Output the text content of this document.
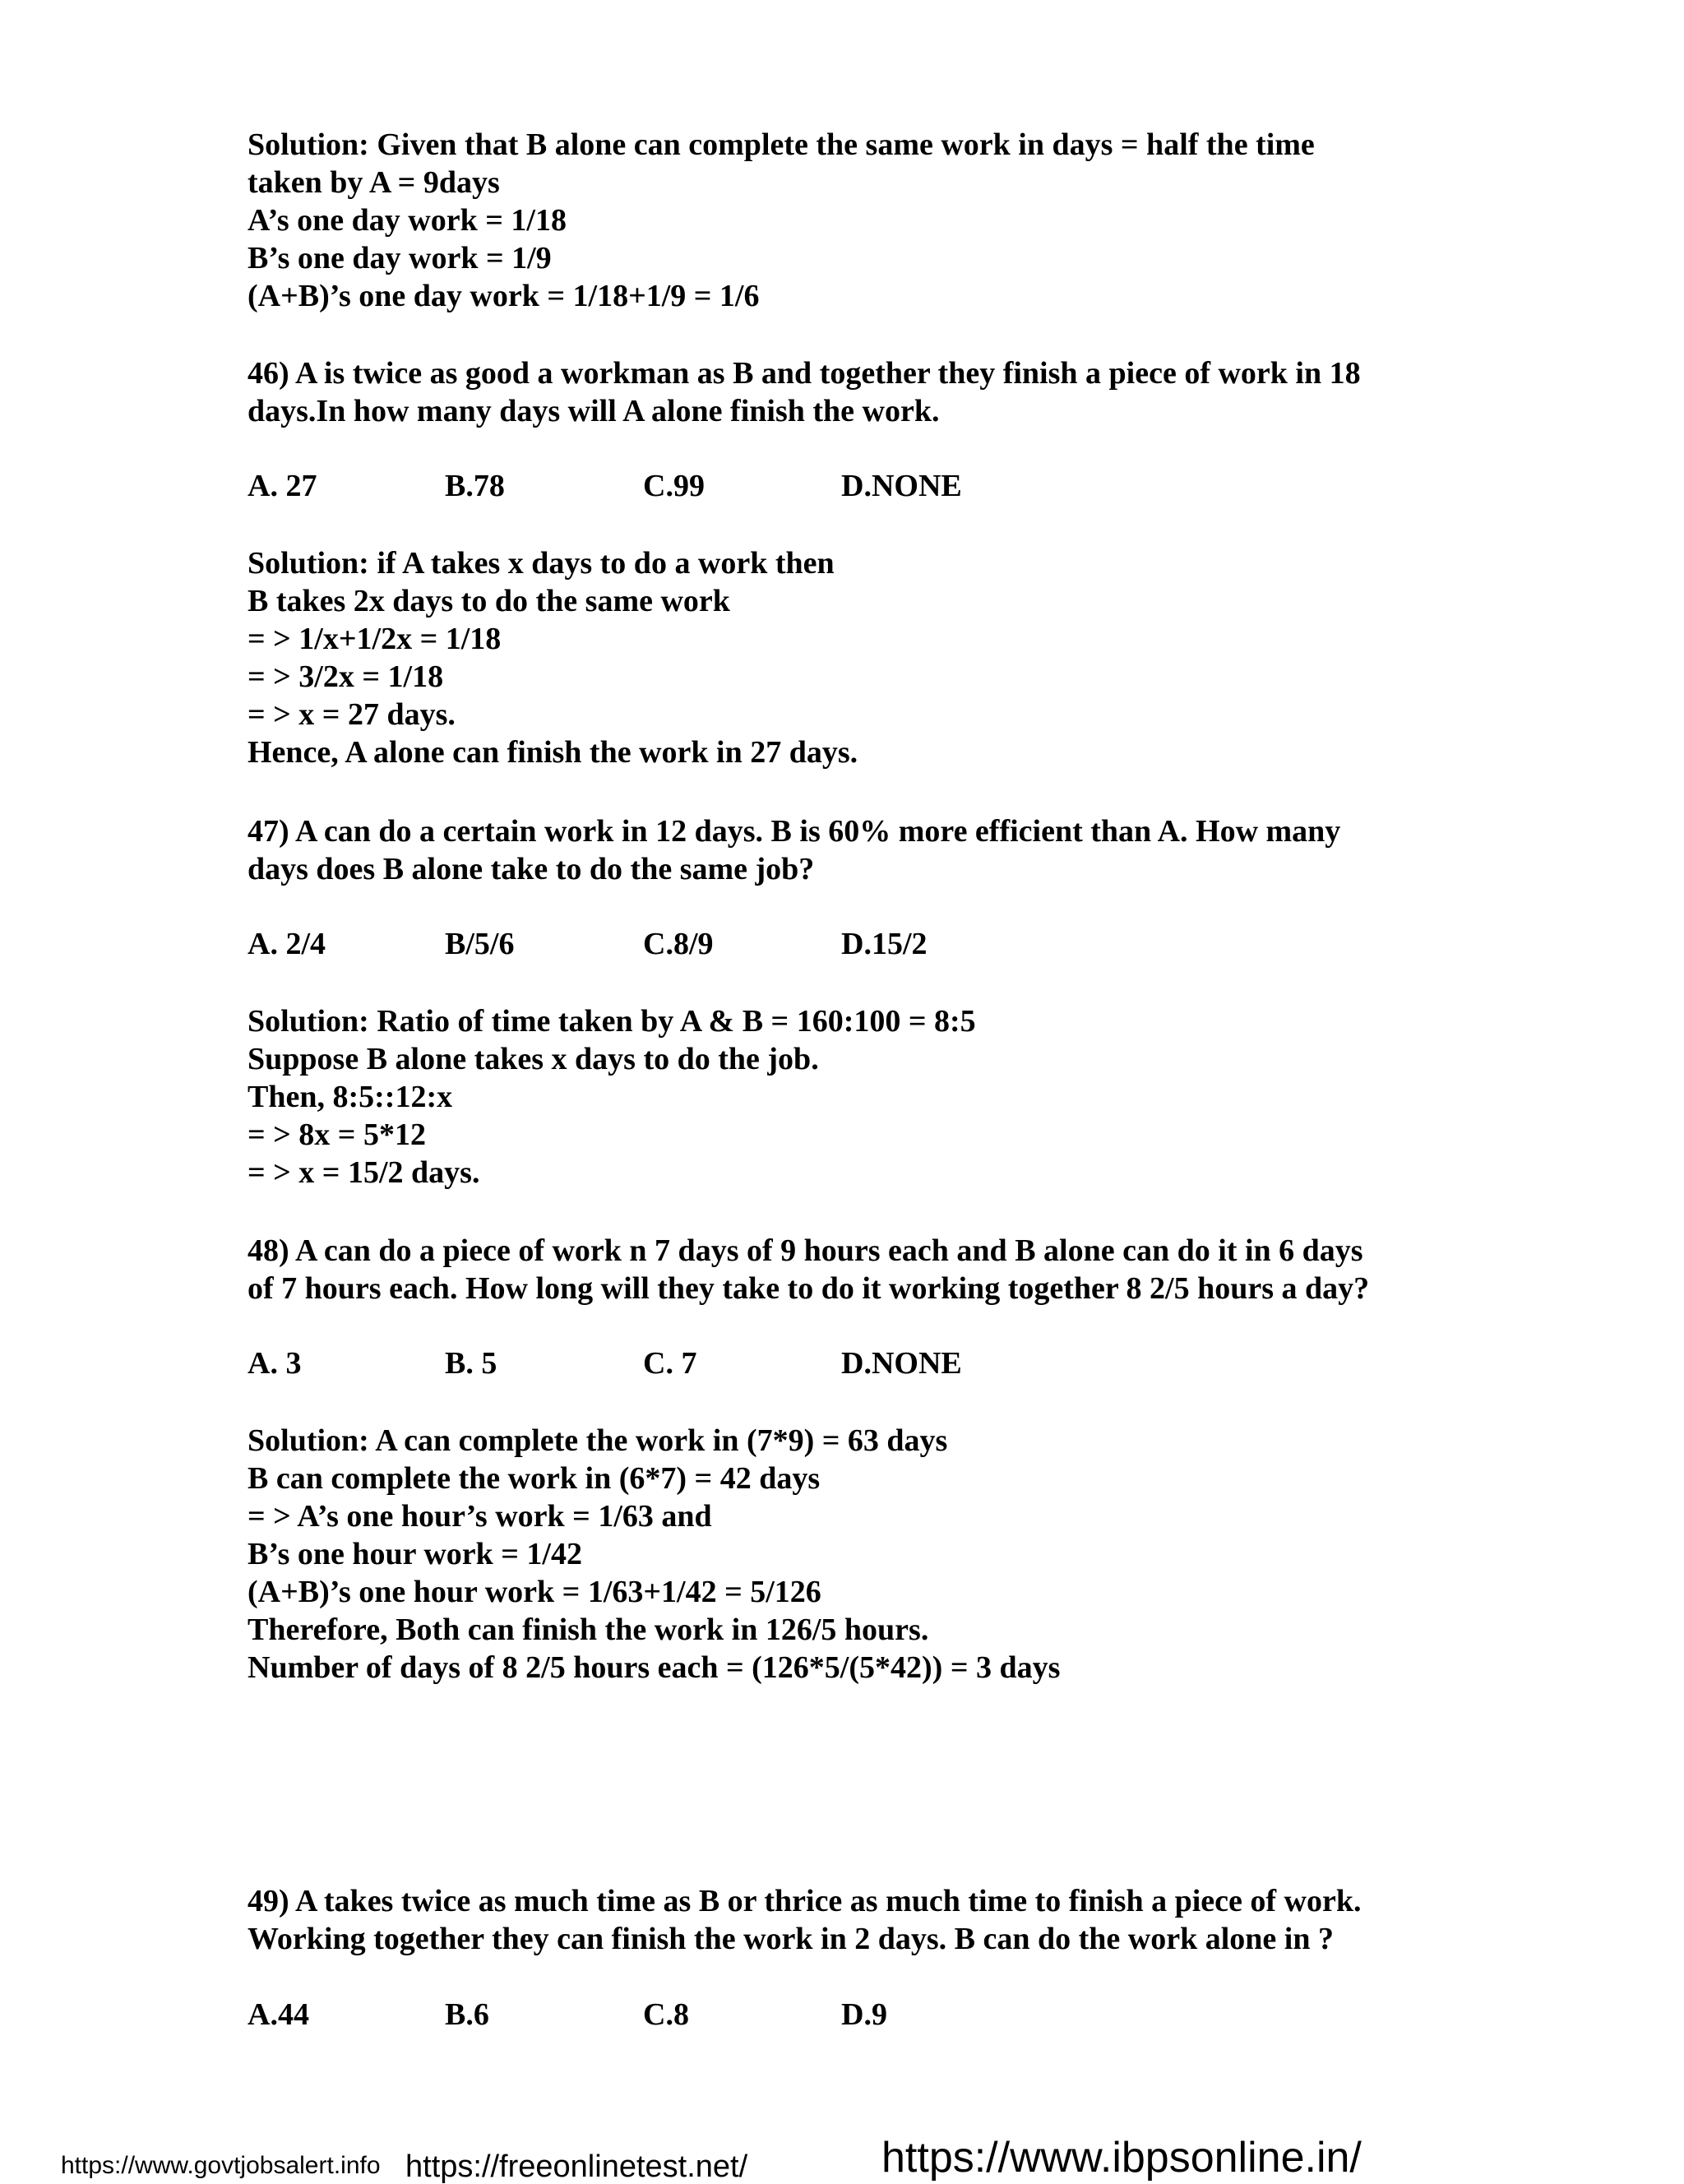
Solution: Given that B alone can complete the same work in days = half the time

taken by A = 9days

A’s one day work = 1/18

B’s one day work = 1/9

(A+B)’s one day work = 1/18+1/9 = 1/6

46) A is twice as good a workman as B and together they finish a piece of work in 18

days.In how many days will A alone finish the work.

A. 27	B.78	C.99	D.NONE

Solution: if A takes x days to do a work then

B takes 2x days to do the same work

= > 1/x+1/2x = 1/18

= > 3/2x = 1/18

= > x = 27 days.

Hence, A alone can finish the work in 27 days.

47) A can do a certain work in 12 days. B is 60% more efficient than A. How many

days does B alone take to do the same job?

A. 2/4	B/5/6	C.8/9	D.15/2

Solution: Ratio of time taken by A & B = 160:100 = 8:5

Suppose B alone takes x days to do the job.

Then, 8:5::12:x

= > 8x = 5*12

= > x = 15/2 days.

48) A can do a piece of work n 7 days of 9 hours each and B alone can do it in 6 days

of 7 hours each. How long will they take to do it working together 8 2/5 hours a day?

A. 3	B. 5	C. 7	D.NONE

Solution: A can complete the work in (7*9) = 63 days

B can complete the work in (6*7) = 42 days

= > A’s one hour’s work = 1/63 and

B’s one hour work = 1/42

(A+B)’s one hour work = 1/63+1/42 = 5/126

Therefore, Both can finish the work in 126/5 hours.

Number of days of 8 2/5 hours each = (126*5/(5*42)) = 3 days

49) A takes twice as much time as B or thrice as much time to finish a piece of work.

Working together they can finish the work in 2 days. B can do the work alone in ?

A.44	B.6	C.8	D.9
https://www.govtjobsalert.info https://freeonlinetest.net/	https://www.ibpsonline.in/
